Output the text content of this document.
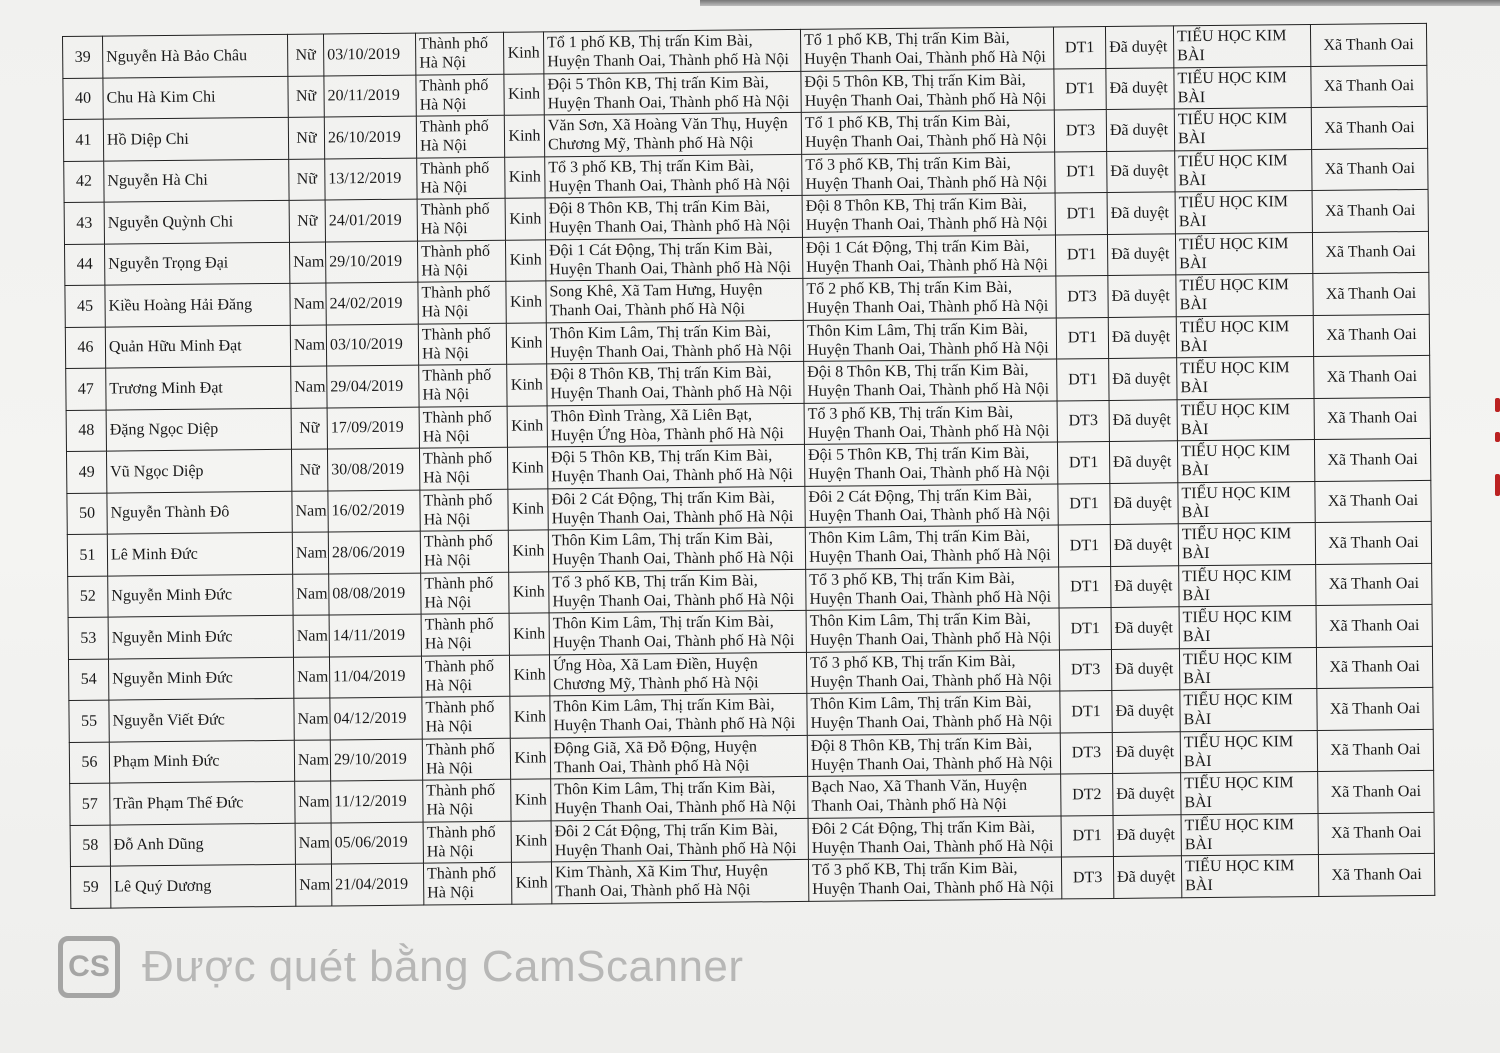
39	Nguyễn Hà Bảo Châu	Nữ	03/10/2019	Thành phố
Hà Nội	Kinh	Tổ 1 phố KB, Thị trấn Kim Bài,
Huyện Thanh Oai, Thành phố Hà Nội	Tổ 1 phố KB, Thị trấn Kim Bài,
Huyện Thanh Oai, Thành phố Hà Nội	DT1	Đã duyệt	TIỂU HỌC KIM
BÀI	Xã Thanh Oai
40	Chu Hà Kim Chi	Nữ	20/11/2019	Thành phố
Hà Nội	Kinh	Đội 5 Thôn KB, Thị trấn Kim Bài,
Huyện Thanh Oai, Thành phố Hà Nội	Đội 5 Thôn KB, Thị trấn Kim Bài,
Huyện Thanh Oai, Thành phố Hà Nội	DT1	Đã duyệt	TIỂU HỌC KIM
BÀI	Xã Thanh Oai
41	Hồ Diệp Chi	Nữ	26/10/2019	Thành phố
Hà Nội	Kinh	Văn Sơn, Xã Hoàng Văn Thụ, Huyện
Chương Mỹ, Thành phố Hà Nội	Tổ 1 phố KB, Thị trấn Kim Bài,
Huyện Thanh Oai, Thành phố Hà Nội	DT3	Đã duyệt	TIỂU HỌC KIM
BÀI	Xã Thanh Oai
42	Nguyễn Hà Chi	Nữ	13/12/2019	Thành phố
Hà Nội	Kinh	Tổ 3 phố KB, Thị trấn Kim Bài,
Huyện Thanh Oai, Thành phố Hà Nội	Tổ 3 phố KB, Thị trấn Kim Bài,
Huyện Thanh Oai, Thành phố Hà Nội	DT1	Đã duyệt	TIỂU HỌC KIM
BÀI	Xã Thanh Oai
43	Nguyễn Quỳnh Chi	Nữ	24/01/2019	Thành phố
Hà Nội	Kinh	Đội 8 Thôn KB, Thị trấn Kim Bài,
Huyện Thanh Oai, Thành phố Hà Nội	Đội 8 Thôn KB, Thị trấn Kim Bài,
Huyện Thanh Oai, Thành phố Hà Nội	DT1	Đã duyệt	TIỂU HỌC KIM
BÀI	Xã Thanh Oai
44	Nguyễn Trọng Đại	Nam	29/10/2019	Thành phố
Hà Nội	Kinh	Đội 1 Cát Động, Thị trấn Kim Bài,
Huyện Thanh Oai, Thành phố Hà Nội	Đội 1 Cát Động, Thị trấn Kim Bài,
Huyện Thanh Oai, Thành phố Hà Nội	DT1	Đã duyệt	TIỂU HỌC KIM
BÀI	Xã Thanh Oai
45	Kiều Hoàng Hải Đăng	Nam	24/02/2019	Thành phố
Hà Nội	Kinh	Song Khê, Xã Tam Hưng, Huyện
Thanh Oai, Thành phố Hà Nội	Tổ 2 phố KB, Thị trấn Kim Bài,
Huyện Thanh Oai, Thành phố Hà Nội	DT3	Đã duyệt	TIỂU HỌC KIM
BÀI	Xã Thanh Oai
46	Quản Hữu Minh Đạt	Nam	03/10/2019	Thành phố
Hà Nội	Kinh	Thôn Kim Lâm, Thị trấn Kim Bài,
Huyện Thanh Oai, Thành phố Hà Nội	Thôn Kim Lâm, Thị trấn Kim Bài,
Huyện Thanh Oai, Thành phố Hà Nội	DT1	Đã duyệt	TIỂU HỌC KIM
BÀI	Xã Thanh Oai
47	Trương Minh Đạt	Nam	29/04/2019	Thành phố
Hà Nội	Kinh	Đội 8 Thôn KB, Thị trấn Kim Bài,
Huyện Thanh Oai, Thành phố Hà Nội	Đội 8 Thôn KB, Thị trấn Kim Bài,
Huyện Thanh Oai, Thành phố Hà Nội	DT1	Đã duyệt	TIỂU HỌC KIM
BÀI	Xã Thanh Oai
48	Đặng Ngọc Diệp	Nữ	17/09/2019	Thành phố
Hà Nội	Kinh	Thôn Đình Tràng, Xã Liên Bạt,
Huyện Ứng Hòa, Thành phố Hà Nội	Tổ 3 phố KB, Thị trấn Kim Bài,
Huyện Thanh Oai, Thành phố Hà Nội	DT3	Đã duyệt	TIỂU HỌC KIM
BÀI	Xã Thanh Oai
49	Vũ Ngọc Diệp	Nữ	30/08/2019	Thành phố
Hà Nội	Kinh	Đội 5 Thôn KB, Thị trấn Kim Bài,
Huyện Thanh Oai, Thành phố Hà Nội	Đội 5 Thôn KB, Thị trấn Kim Bài,
Huyện Thanh Oai, Thành phố Hà Nội	DT1	Đã duyệt	TIỂU HỌC KIM
BÀI	Xã Thanh Oai
50	Nguyễn Thành Đô	Nam	16/02/2019	Thành phố
Hà Nội	Kinh	Đôi 2 Cát Động, Thị trấn Kim Bài,
Huyện Thanh Oai, Thành phố Hà Nội	Đôi 2 Cát Động, Thị trấn Kim Bài,
Huyện Thanh Oai, Thành phố Hà Nội	DT1	Đã duyệt	TIỂU HỌC KIM
BÀI	Xã Thanh Oai
51	Lê Minh Đức	Nam	28/06/2019	Thành phố
Hà Nội	Kinh	Thôn Kim Lâm, Thị trấn Kim Bài,
Huyện Thanh Oai, Thành phố Hà Nội	Thôn Kim Lâm, Thị trấn Kim Bài,
Huyện Thanh Oai, Thành phố Hà Nội	DT1	Đã duyệt	TIỂU HỌC KIM
BÀI	Xã Thanh Oai
52	Nguyễn Minh Đức	Nam	08/08/2019	Thành phố
Hà Nội	Kinh	Tổ 3 phố KB, Thị trấn Kim Bài,
Huyện Thanh Oai, Thành phố Hà Nội	Tổ 3 phố KB, Thị trấn Kim Bài,
Huyện Thanh Oai, Thành phố Hà Nội	DT1	Đã duyệt	TIỂU HỌC KIM
BÀI	Xã Thanh Oai
53	Nguyễn Minh Đức	Nam	14/11/2019	Thành phố
Hà Nội	Kinh	Thôn Kim Lâm, Thị trấn Kim Bài,
Huyện Thanh Oai, Thành phố Hà Nội	Thôn Kim Lâm, Thị trấn Kim Bài,
Huyện Thanh Oai, Thành phố Hà Nội	DT1	Đã duyệt	TIỂU HỌC KIM
BÀI	Xã Thanh Oai
54	Nguyễn Minh Đức	Nam	11/04/2019	Thành phố
Hà Nội	Kinh	Ứng Hòa, Xã Lam Điền, Huyện
Chương Mỹ, Thành phố Hà Nội	Tổ 3 phố KB, Thị trấn Kim Bài,
Huyện Thanh Oai, Thành phố Hà Nội	DT3	Đã duyệt	TIỂU HỌC KIM
BÀI	Xã Thanh Oai
55	Nguyễn Viết Đức	Nam	04/12/2019	Thành phố
Hà Nội	Kinh	Thôn Kim Lâm, Thị trấn Kim Bài,
Huyện Thanh Oai, Thành phố Hà Nội	Thôn Kim Lâm, Thị trấn Kim Bài,
Huyện Thanh Oai, Thành phố Hà Nội	DT1	Đã duyệt	TIỂU HỌC KIM
BÀI	Xã Thanh Oai
56	Phạm Minh Đức	Nam	29/10/2019	Thành phố
Hà Nội	Kinh	Động Giã, Xã Đỗ Động, Huyện
Thanh Oai, Thành phố Hà Nội	Đội 8 Thôn KB, Thị trấn Kim Bài,
Huyện Thanh Oai, Thành phố Hà Nội	DT3	Đã duyệt	TIỂU HỌC KIM
BÀI	Xã Thanh Oai
57	Trần Phạm Thế Đức	Nam	11/12/2019	Thành phố
Hà Nội	Kinh	Thôn Kim Lâm, Thị trấn Kim Bài,
Huyện Thanh Oai, Thành phố Hà Nội	Bạch Nao, Xã Thanh Văn, Huyện
Thanh Oai, Thành phố Hà Nội	DT2	Đã duyệt	TIỂU HỌC KIM
BÀI	Xã Thanh Oai
58	Đỗ Anh Dũng	Nam	05/06/2019	Thành phố
Hà Nội	Kinh	Đôi 2 Cát Động, Thị trấn Kim Bài,
Huyện Thanh Oai, Thành phố Hà Nội	Đôi 2 Cát Động, Thị trấn Kim Bài,
Huyện Thanh Oai, Thành phố Hà Nội	DT1	Đã duyệt	TIỂU HỌC KIM
BÀI	Xã Thanh Oai
59	Lê Quý Dương	Nam	21/04/2019	Thành phố
Hà Nội	Kinh	Kim Thành, Xã Kim Thư, Huyện
Thanh Oai, Thành phố Hà Nội	Tổ 3 phố KB, Thị trấn Kim Bài,
Huyện Thanh Oai, Thành phố Hà Nội	DT3	Đã duyệt	TIỂU HỌC KIM
BÀI	Xã Thanh Oai
CS Được quét bằng CamScanner
